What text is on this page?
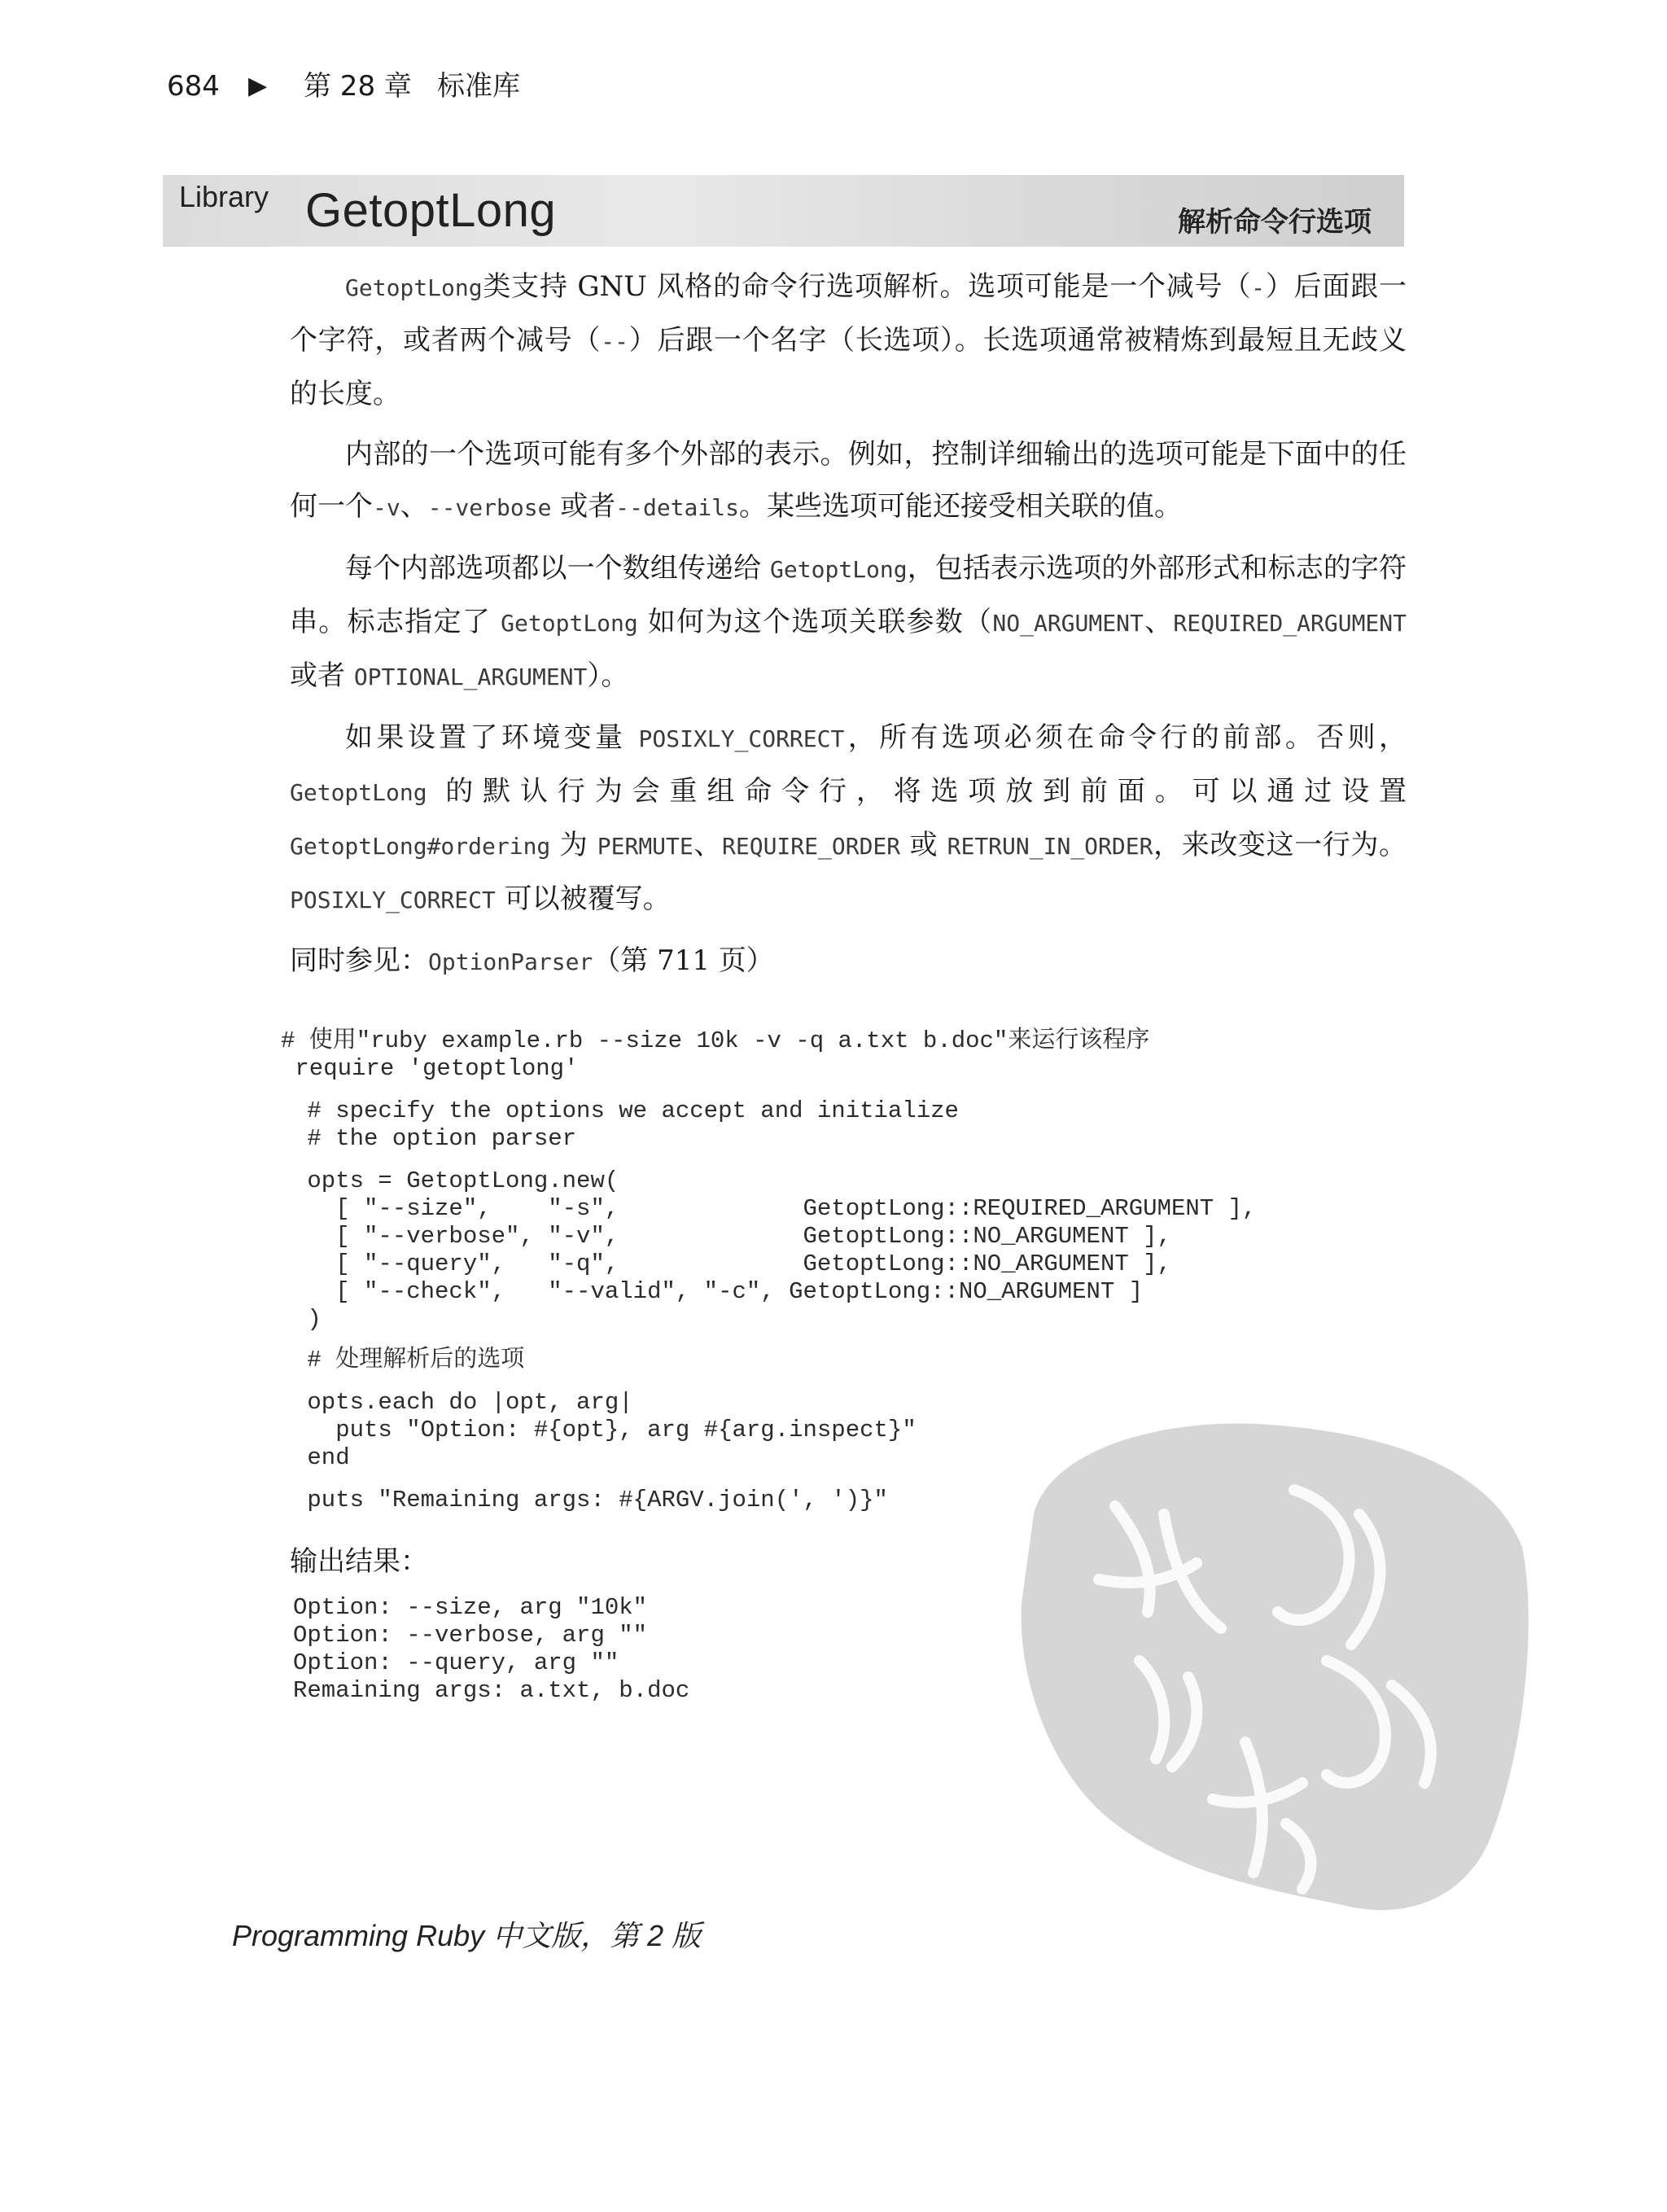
684 ▶ 第 28 章 标准库
Library GetoptLong	解析命令行选项

GetoptLong类支持 GNU 风格的命令行选项解析。选项可能是一个减号（-）后面跟一个字符，或者两个减号（--）后跟一个名字（长选项）。长选项通常被精炼到最短且无歧义的长度。

内部的一个选项可能有多个外部的表示。例如，控制详细输出的选项可能是下面中的任何一个-v、--verbose 或者--details。某些选项可能还接受相关联的值。

每个内部选项都以一个数组传递给 GetoptLong，包括表示选项的外部形式和标志的字符串。标志指定了 GetoptLong 如何为这个选项关联参数（NO_ARGUMENT、REQUIRED_ARGUMENT 或者 OPTIONAL_ARGUMENT）。

如果设置了环境变量 POSIXLY_CORRECT，所有选项必须在命令行的前部。否则，GetoptLong 的默认行为会重组命令行，将选项放到前面。可以通过设置 GetoptLong#ordering 为 PERMUTE、REQUIRE_ORDER 或 RETRUN_IN_ORDER，来改变这一行为。POSIXLY_CORRECT 可以被覆写。

同时参见：OptionParser（第 711 页）

# 使用"ruby example.rb --size 10k -v -q a.txt b.doc"来运行该程序
require 'getoptlong'
# specify the options we accept and initialize
# the option parser
opts = GetoptLong.new(
[ "--size",    "-s",             GetoptLong::REQUIRED_ARGUMENT ],
[ "--verbose", "-v",             GetoptLong::NO_ARGUMENT ],
[ "--query",   "-q",             GetoptLong::NO_ARGUMENT ],
[ "--check",   "--valid", "-c", GetoptLong::NO_ARGUMENT ]
)
# 处理解析后的选项
opts.each do |opt, arg|
puts "Option: #{opt}, arg #{arg.inspect}"
end
puts "Remaining args: #{ARGV.join(', ')}"
输出结果：
Option: --size, arg "10k"
Option: --verbose, arg ""
Option: --query, arg ""
Remaining args: a.txt, b.doc
Programming Ruby 中文版，第 2 版
